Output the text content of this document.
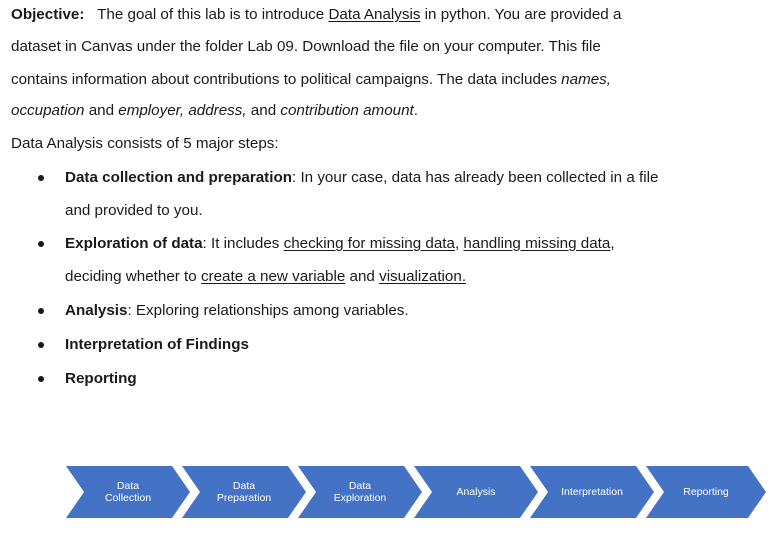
Objective: The goal of this lab is to introduce Data Analysis in python. You are provided a
dataset in Canvas under the folder Lab 09. Download the file on your computer. This file
contains information about contributions to political campaigns. The data includes names,
occupation and employer, address, and contribution amount.
Data Analysis consists of 5 major steps:
Data collection and preparation: In your case, data has already been collected in a file
and provided to you.
Exploration of data: It includes checking for missing data, handling missing data,
deciding whether to create a new variable and visualization.
Analysis: Exploring relationships among variables.
Interpretation of Findings
Reporting
Data
Collection
Data
Preparation
Data
Exploration	Analysis	Interpretation	Reporting
